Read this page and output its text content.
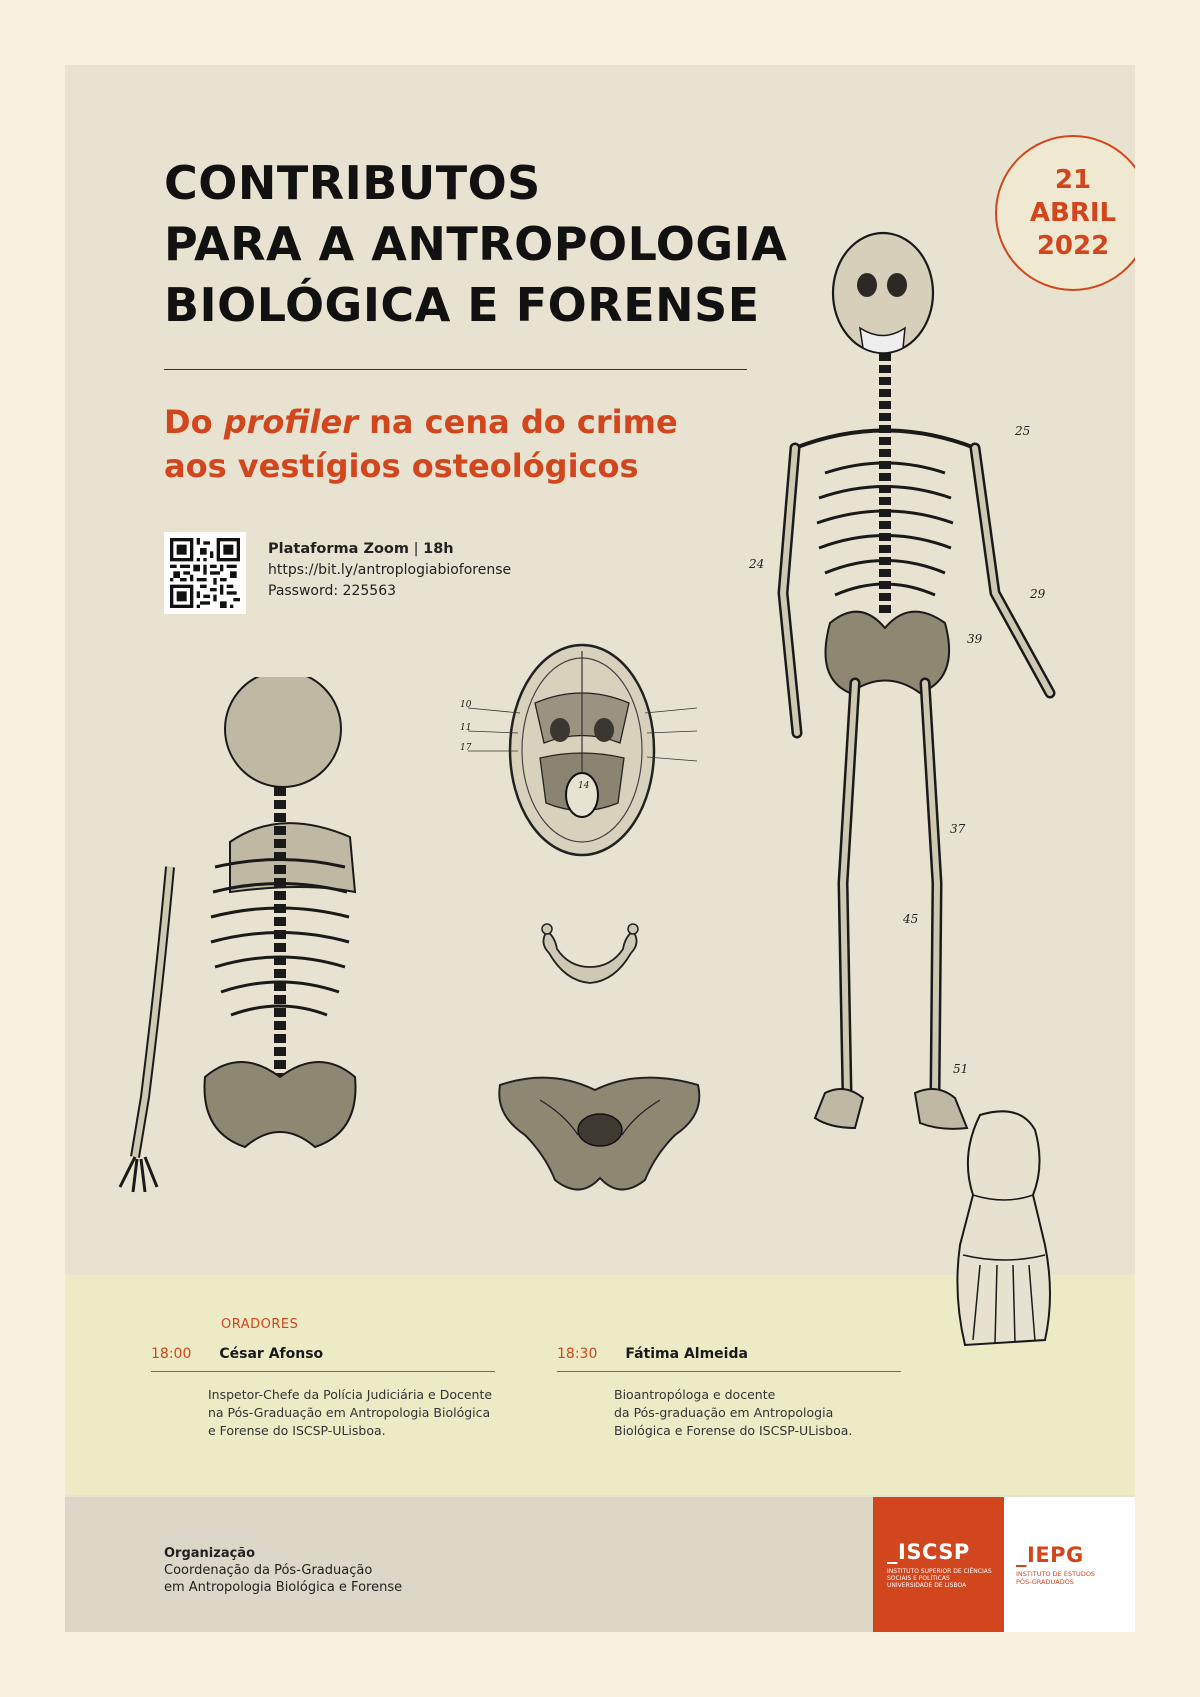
CONTRIBUTOS
PARA A ANTROPOLOGIA
BIOLÓGICA E FORENSE
Do profiler na cena do crime
aos vestígios osteológicos
21
ABRIL
2022
Plataforma Zoom | 18h
https://bit.ly/antroplogiabioforense
Password: 225563
10
11
17
14
25
24
29
39
37
45
51
ORADORES
18:00 César Afonso
Inspetor-Chefe da Polícia Judiciária e Docente
na Pós-Graduação em Antropologia Biológica
e Forense do ISCSP-ULisboa.
18:30 Fátima Almeida
Bioantropóloga e docente
da Pós-graduação em Antropologia
Biológica e Forense do ISCSP-ULisboa.
Organização
Coordenação da Pós-Graduação
em Antropologia Biológica e Forense
_ISCSP
INSTITUTO SUPERIOR DE CIÊNCIAS SOCIAIS E POLÍTICAS UNIVERSIDADE DE LISBOA
_IEPG
INSTITUTO DE ESTUDOS
PÓS-GRADUADOS
